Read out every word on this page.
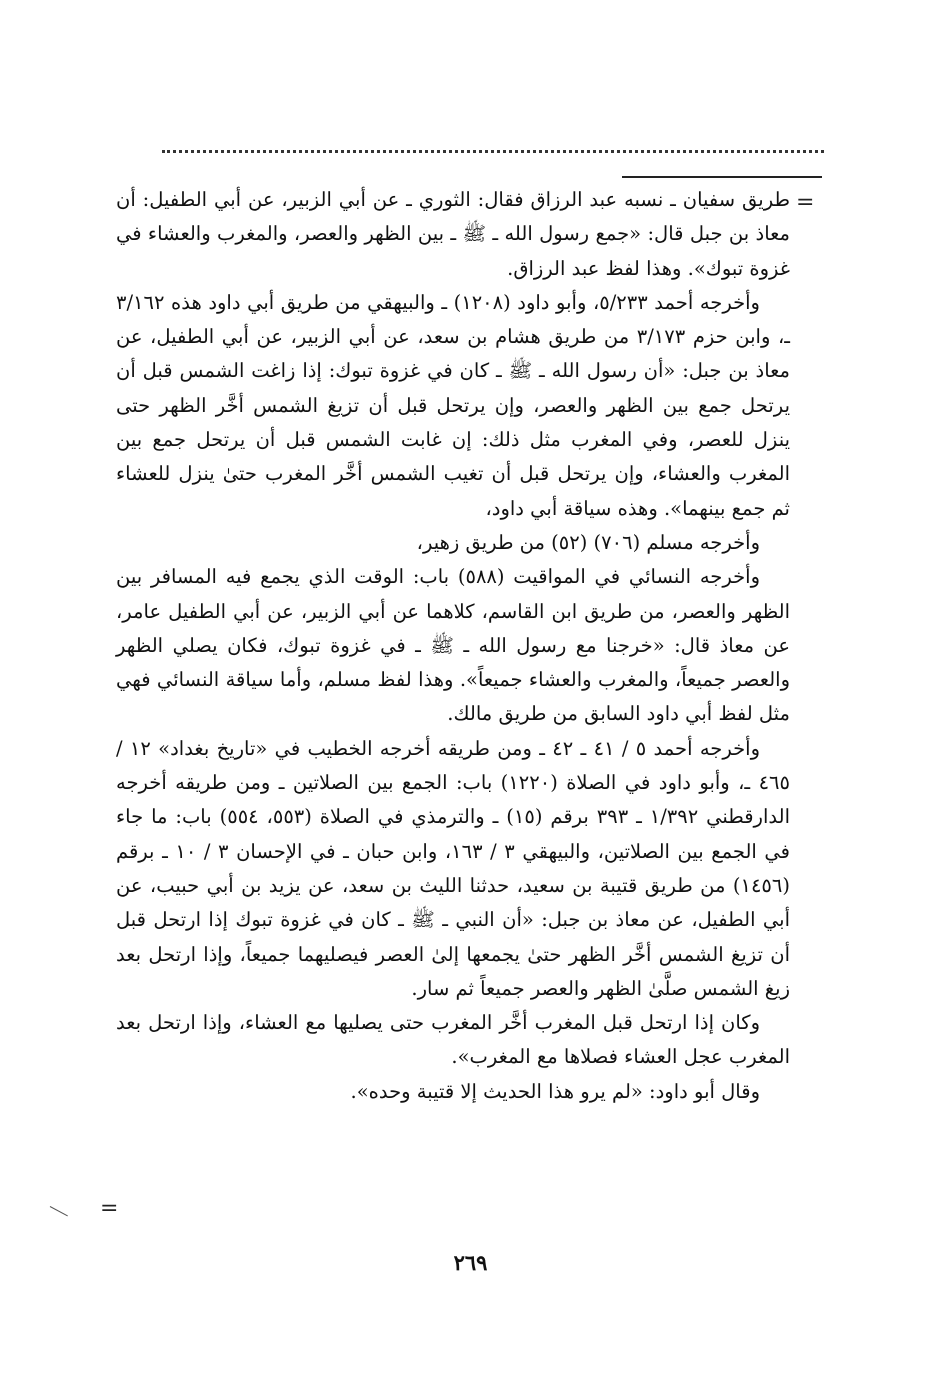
=
=

طريق سفيان ـ نسبه عبد الرزاق فقال: الثوري ـ عن أبي الزبير، عن أبي الطفيل: أن معاذ بن جبل قال: «جمع رسول الله ـ ﷺ ـ بين الظهر والعصر، والمغرب والعشاء في غزوة تبوك». وهذا لفظ عبد الرزاق.

وأخرجه أحمد ٥/٢٣٣، وأبو داود (١٢٠٨) ـ والبيهقي من طريق أبي داود هذه ٣/١٦٢ ـ، وابن حزم ٣/١٧٣ من طريق هشام بن سعد، عن أبي الزبير، عن أبي الطفيل، عن معاذ بن جبل: «أن رسول الله ـ ﷺ ـ كان في غزوة تبوك: إذا زاغت الشمس قبل أن يرتحل جمع بين الظهر والعصر، وإن يرتحل قبل أن تزيغ الشمس أخَّر الظهر حتى ينزل للعصر، وفي المغرب مثل ذلك: إن غابت الشمس قبل أن يرتحل جمع بين المغرب والعشاء، وإن يرتحل قبل أن تغيب الشمس أخَّر المغرب حتىٰ ينزل للعشاء ثم جمع بينهما». وهذه سياقة أبي داود،

وأخرجه مسلم (٧٠٦) (٥٢) من طريق زهير،

وأخرجه النسائي في المواقيت (٥٨٨) باب: الوقت الذي يجمع فيه المسافر بين الظهر والعصر، من طريق ابن القاسم، كلاهما عن أبي الزبير، عن أبي الطفيل عامر، عن معاذ قال: «خرجنا مع رسول الله ـ ﷺ ـ في غزوة تبوك، فكان يصلي الظهر والعصر جميعاً، والمغرب والعشاء جميعاً». وهذا لفظ مسلم، وأما سياقة النسائي فهي مثل لفظ أبي داود السابق من طريق مالك.

وأخرجه أحمد ٥ / ٤١ ـ ٤٢ ـ ومن طريقه أخرجه الخطيب في «تاريخ بغداد» ١٢ / ٤٦٥ ـ، وأبو داود في الصلاة (١٢٢٠) باب: الجمع بين الصلاتين ـ ومن طريقه أخرجه الدارقطني ١/٣٩٢ ـ ٣٩٣ برقم (١٥) ـ والترمذي في الصلاة (٥٥٣، ٥٥٤) باب: ما جاء في الجمع بين الصلاتين، والبيهقي ٣ / ١٦٣، وابن حبان ـ في الإحسان ٣ / ١٠ ـ برقم (١٤٥٦) من طريق قتيبة بن سعيد، حدثنا الليث بن سعد، عن يزيد بن أبي حبيب، عن أبي الطفيل، عن معاذ بن جبل: «أن النبي ـ ﷺ ـ كان في غزوة تبوك إذا ارتحل قبل أن تزيغ الشمس أخَّر الظهر حتىٰ يجمعها إلىٰ العصر فيصليهما جميعاً، وإذا ارتحل بعد زيغ الشمس صلَّىٰ الظهر والعصر جميعاً ثم سار.

وكان إذا ارتحل قبل المغرب أخَّر المغرب حتى يصليها مع العشاء، وإذا ارتحل بعد المغرب عجل العشاء فصلاها مع المغرب».

وقال أبو داود: «لم يرو هذا الحديث إلا قتيبة وحده».

٢٦٩
